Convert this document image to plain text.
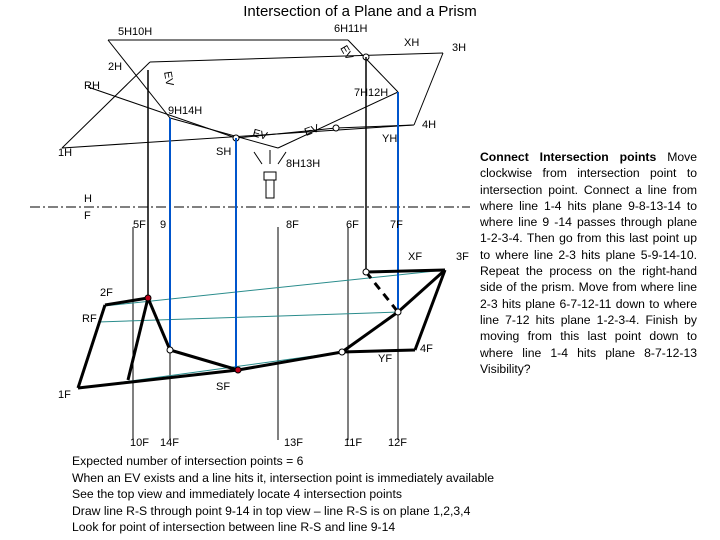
Intersection of a Plane and a Prism
5H10H	6H11H
XH	3H
2H
RH
7H12H
9H14H
4H
1H	SH
YH
8H13H
EV
EV
EV	EV
H
F
5F 9	8F	6F	7F
XF	3F
2F
RF
YF
4F
SF
1F
10F 14F	13F	11F 12F
Connect Intersection points Move clockwise from intersection point to intersection point. Connect a line from where line 1-4 hits plane 9-8-13-14 to where line 9 -14 passes through plane 1-2-3-4. Then go from this last point up to where line 2-3 hits plane 5-9-14-10. Repeat the process on the right-hand side of the prism. Move from where line 2-3 hits plane 6-7-12-11 down to where line 7-12 hits plane 1-2-3-4. Finish by moving from this last point down to where line 1-4 hits plane 8-7-12-13 Visibility?
Expected number of intersection points = 6
When an EV exists and a line hits it, intersection point is immediately available
See the top view and immediately locate 4 intersection points
Draw line R-S through point 9-14 in top view – line R-S is on plane 1,2,3,4
Look for point of intersection between line R-S and line 9-14
